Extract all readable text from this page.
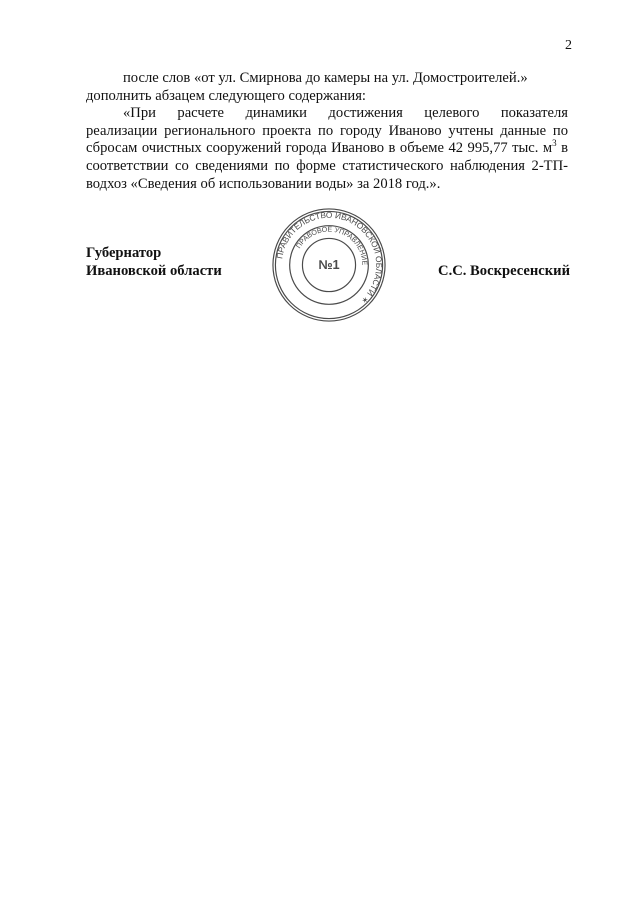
2

после слов «от ул. Смирнова до камеры на ул. Домостроителей.»

дополнить абзацем следующего содержания:

«При расчете динамики достижения целевого показателя

реализации регионального проекта по городу Иваново учтены данные по сбросам очистных сооружений города Иваново в объеме 42 995,77 тыс. $м^3$ в соответствии со сведениями по форме статистического наблюдения 2-ТП-водхоз «Сведения об использовании воды» за 2018 год.».

Губернатор
Ивановской области	С.С. Воскресенский
ПРАВИТЕЛЬСТВО ИВАНОВСКОЙ ОБЛАСТИ ✶
ПРАВОВОЕ УПРАВЛЕНИЕ
№1
